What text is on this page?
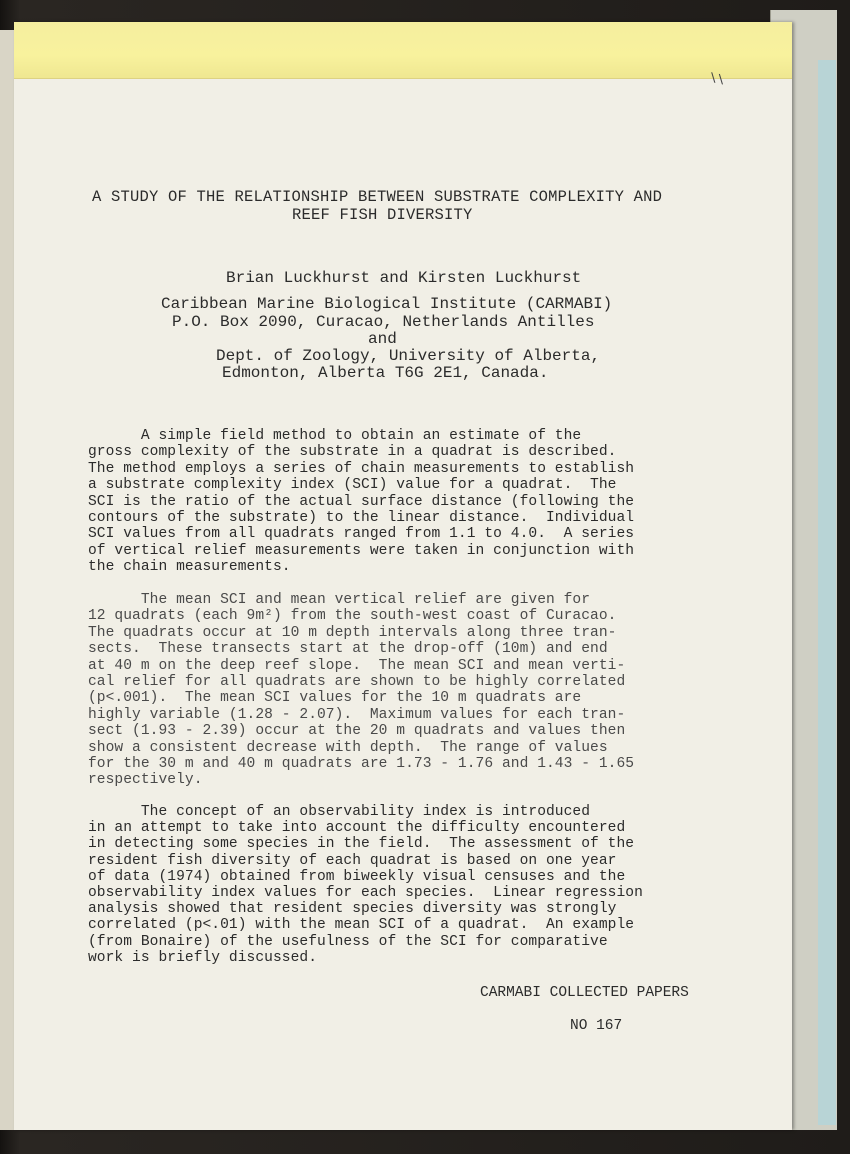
\\
A STUDY OF THE RELATIONSHIP BETWEEN SUBSTRATE COMPLEXITY AND
REEF FISH DIVERSITY
Brian Luckhurst and Kirsten Luckhurst
Caribbean Marine Biological Institute (CARMABI)
P.O. Box 2090, Curacao, Netherlands Antilles
and
Dept. of Zoology, University of Alberta,
Edmonton, Alberta T6G 2E1, Canada.

A simple field method to obtain an estimate of the

gross complexity of the substrate in a quadrat is described.

The method employs a series of chain measurements to establish

a substrate complexity index (SCI) value for a quadrat.  The

SCI is the ratio of the actual surface distance (following the

contours of the substrate) to the linear distance.  Individual

SCI values from all quadrats ranged from 1.1 to 4.0.  A series

of vertical relief measurements were taken in conjunction with

the chain measurements.

The mean SCI and mean vertical relief are given for

12 quadrats (each 9m²) from the south-west coast of Curacao.

The quadrats occur at 10 m depth intervals along three tran-

sects.  These transects start at the drop-off (10m) and end

at 40 m on the deep reef slope.  The mean SCI and mean verti-

cal relief for all quadrats are shown to be highly correlated

(p<.001).  The mean SCI values for the 10 m quadrats are

highly variable (1.28 - 2.07).  Maximum values for each tran-

sect (1.93 - 2.39) occur at the 20 m quadrats and values then

show a consistent decrease with depth.  The range of values

for the 30 m and 40 m quadrats are 1.73 - 1.76 and 1.43 - 1.65

respectively.

The concept of an observability index is introduced

in an attempt to take into account the difficulty encountered

in detecting some species in the field.  The assessment of the

resident fish diversity of each quadrat is based on one year

of data (1974) obtained from biweekly visual censuses and the

observability index values for each species.  Linear regression

analysis showed that resident species diversity was strongly

correlated (p<.01) with the mean SCI of a quadrat.  An example

(from Bonaire) of the usefulness of the SCI for comparative

work is briefly discussed.

CARMABI COLLECTED PAPERS
NO 167
